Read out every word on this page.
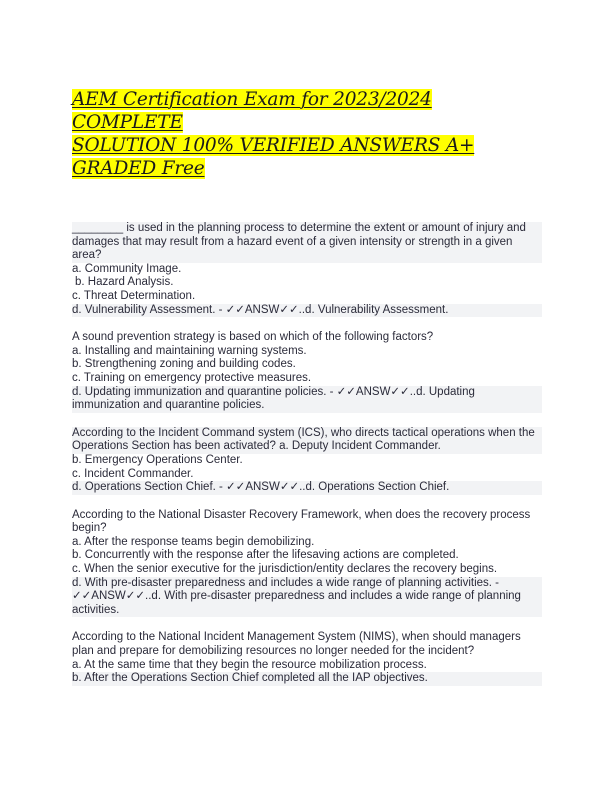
AEM Certification Exam for 2023/2024 COMPLETE
SOLUTION 100% VERIFIED ANSWERS A+ GRADED Free
________ is used in the planning process to determine the extent or amount of injury and damages that may result from a hazard event of a given intensity or strength in a given area?
a. Community Image.
b. Hazard Analysis.
c. Threat Determination.
d. Vulnerability Assessment. - ✓✓ANSW✓✓..d. Vulnerability Assessment.
A sound prevention strategy is based on which of the following factors?
a. Installing and maintaining warning systems.
b. Strengthening zoning and building codes.
c. Training on emergency protective measures.
d. Updating immunization and quarantine policies. - ✓✓ANSW✓✓..d. Updating immunization and quarantine policies.
According to the Incident Command system (ICS), who directs tactical operations when the Operations Section has been activated? a. Deputy Incident Commander.
b. Emergency Operations Center.
c. Incident Commander.
d. Operations Section Chief. - ✓✓ANSW✓✓..d. Operations Section Chief.
According to the National Disaster Recovery Framework, when does the recovery process begin?
a. After the response teams begin demobilizing.
b. Concurrently with the response after the lifesaving actions are completed.
c. When the senior executive for the jurisdiction/entity declares the recovery begins.
d. With pre-disaster preparedness and includes a wide range of planning activities. - ✓✓ANSW✓✓..d. With pre-disaster preparedness and includes a wide range of planning activities.
According to the National Incident Management System (NIMS), when should managers plan and prepare for demobilizing resources no longer needed for the incident?
a. At the same time that they begin the resource mobilization process.
b. After the Operations Section Chief completed all the IAP objectives.
